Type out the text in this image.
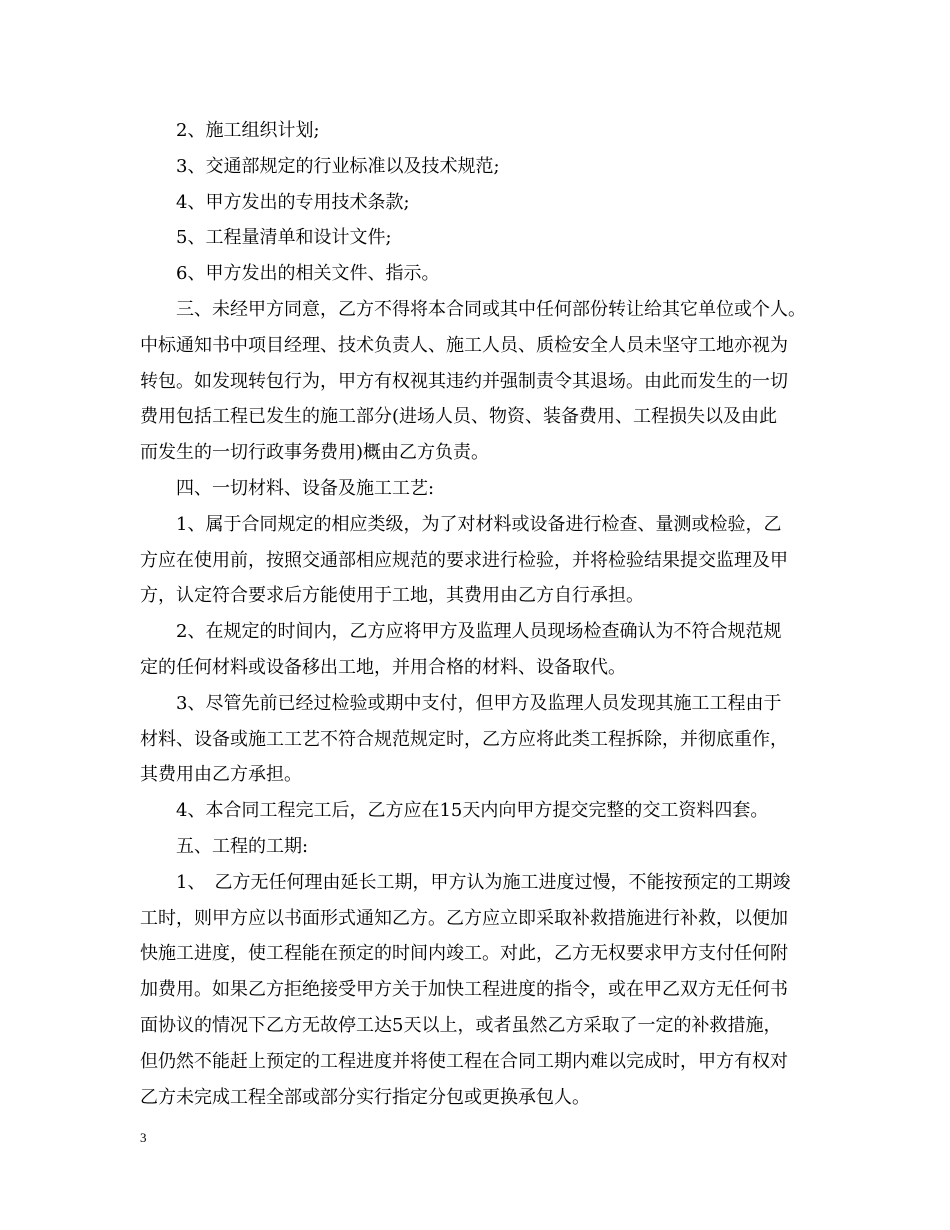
2、施工组织计划;
3、交通部规定的行业标准以及技术规范;
4、甲方发出的专用技术条款;
5、工程量清单和设计文件;
6、甲方发出的相关文件、指示。
三、未经甲方同意，乙方不得将本合同或其中任何部份转让给其它单位或个人。
中标通知书中项目经理、技术负责人、施工人员、质检安全人员未坚守工地亦视为
转包。如发现转包行为，甲方有权视其违约并强制责令其退场。由此而发生的一切
费用包括工程已发生的施工部分(进场人员、物资、装备费用、工程损失以及由此
而发生的一切行政事务费用)概由乙方负责。
四、一切材料、设备及施工工艺:
1、属于合同规定的相应类级，为了对材料或设备进行检查、量测或检验，乙
方应在使用前，按照交通部相应规范的要求进行检验，并将检验结果提交监理及甲
方，认定符合要求后方能使用于工地，其费用由乙方自行承担。
2、在规定的时间内，乙方应将甲方及监理人员现场检查确认为不符合规范规
定的任何材料或设备移出工地，并用合格的材料、设备取代。
3、尽管先前已经过检验或期中支付，但甲方及监理人员发现其施工工程由于
材料、设备或施工工艺不符合规范规定时，乙方应将此类工程拆除，并彻底重作，
其费用由乙方承担。
4、本合同工程完工后，乙方应在15天内向甲方提交完整的交工资料四套。
五、工程的工期:
1、　乙方无任何理由延长工期，甲方认为施工进度过慢，不能按预定的工期竣
工时，则甲方应以书面形式通知乙方。乙方应立即采取补救措施进行补救，以便加
快施工进度，使工程能在预定的时间内竣工。对此，乙方无权要求甲方支付任何附
加费用。如果乙方拒绝接受甲方关于加快工程进度的指令，或在甲乙双方无任何书
面协议的情况下乙方无故停工达5天以上，或者虽然乙方采取了一定的补救措施，
但仍然不能赶上预定的工程进度并将使工程在合同工期内难以完成时，甲方有权对
乙方未完成工程全部或部分实行指定分包或更换承包人。
3
